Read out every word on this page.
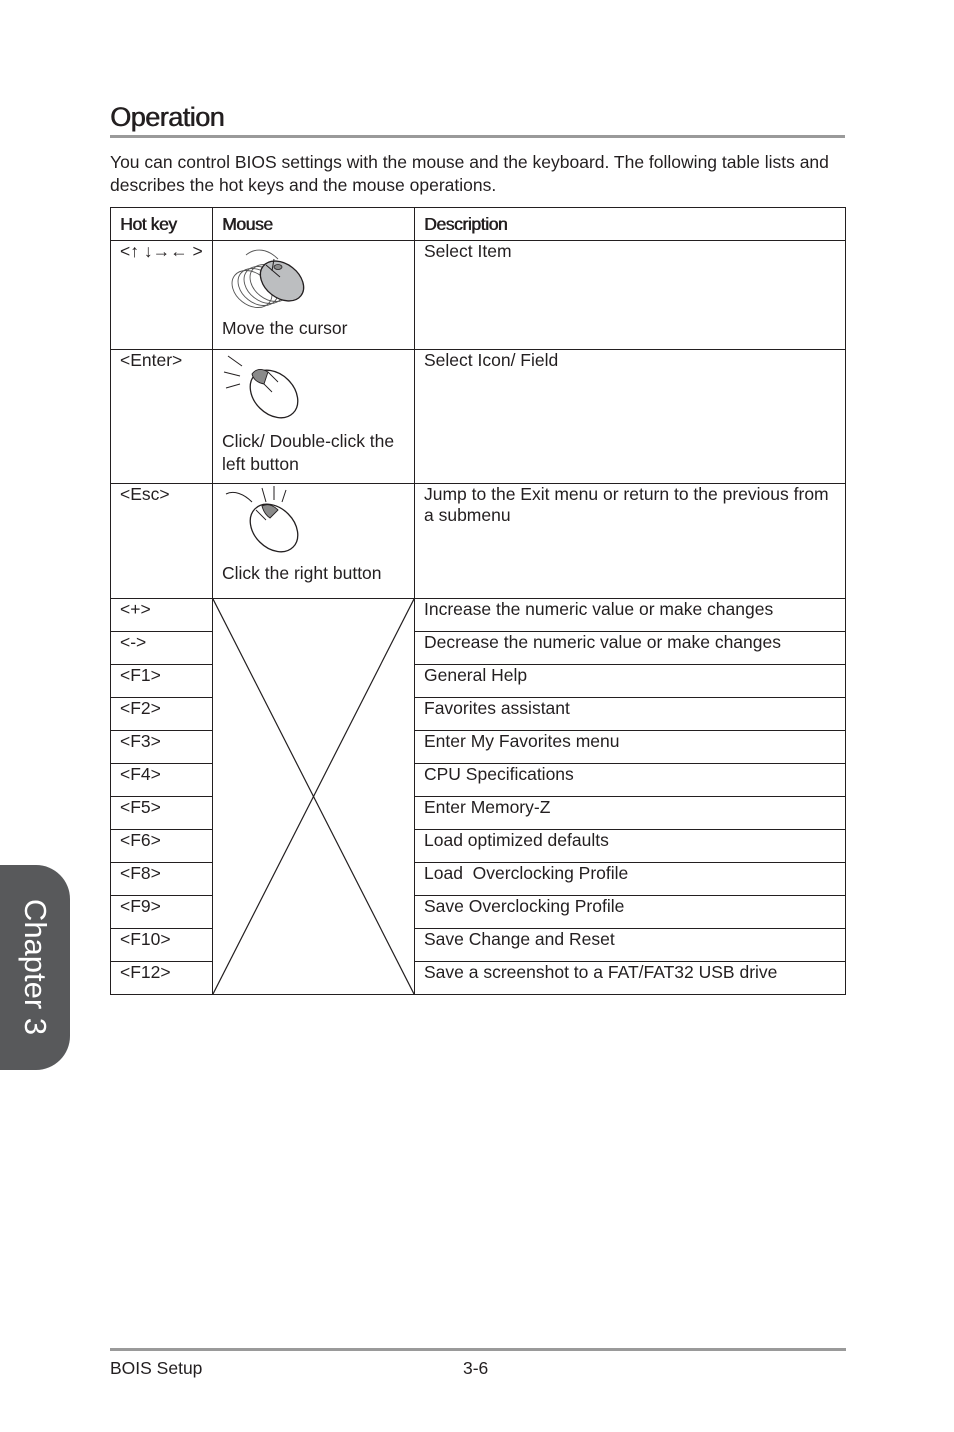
Operation

You can control BIOS settings with the mouse and the keyboard. The following table lists and describes the hot keys and the mouse operations.

Hot key	Mouse	Description
<↑ ↓→← >	Move the cursor	Select Item
<Enter>	Click/ Double-click the left button	Select Icon/ Field
<Esc>	Click the right button	Jump to the Exit menu or return to the previous from a submenu
<+>		Increase the numeric value or make changes
<->		Decrease the numeric value or make changes
<F1>		General Help
<F2>		Favorites assistant
<F3>		Enter My Favorites menu
<F4>		CPU Specifications
<F5>		Enter Memory-Z
<F6>		Load optimized defaults
<F8>		Load  Overclocking Profile
<F9>		Save Overclocking Profile
<F10>		Save Change and Reset
<F12>		Save a screenshot to a FAT/FAT32 USB drive
Chapter 3
BOIS Setup	3-6
